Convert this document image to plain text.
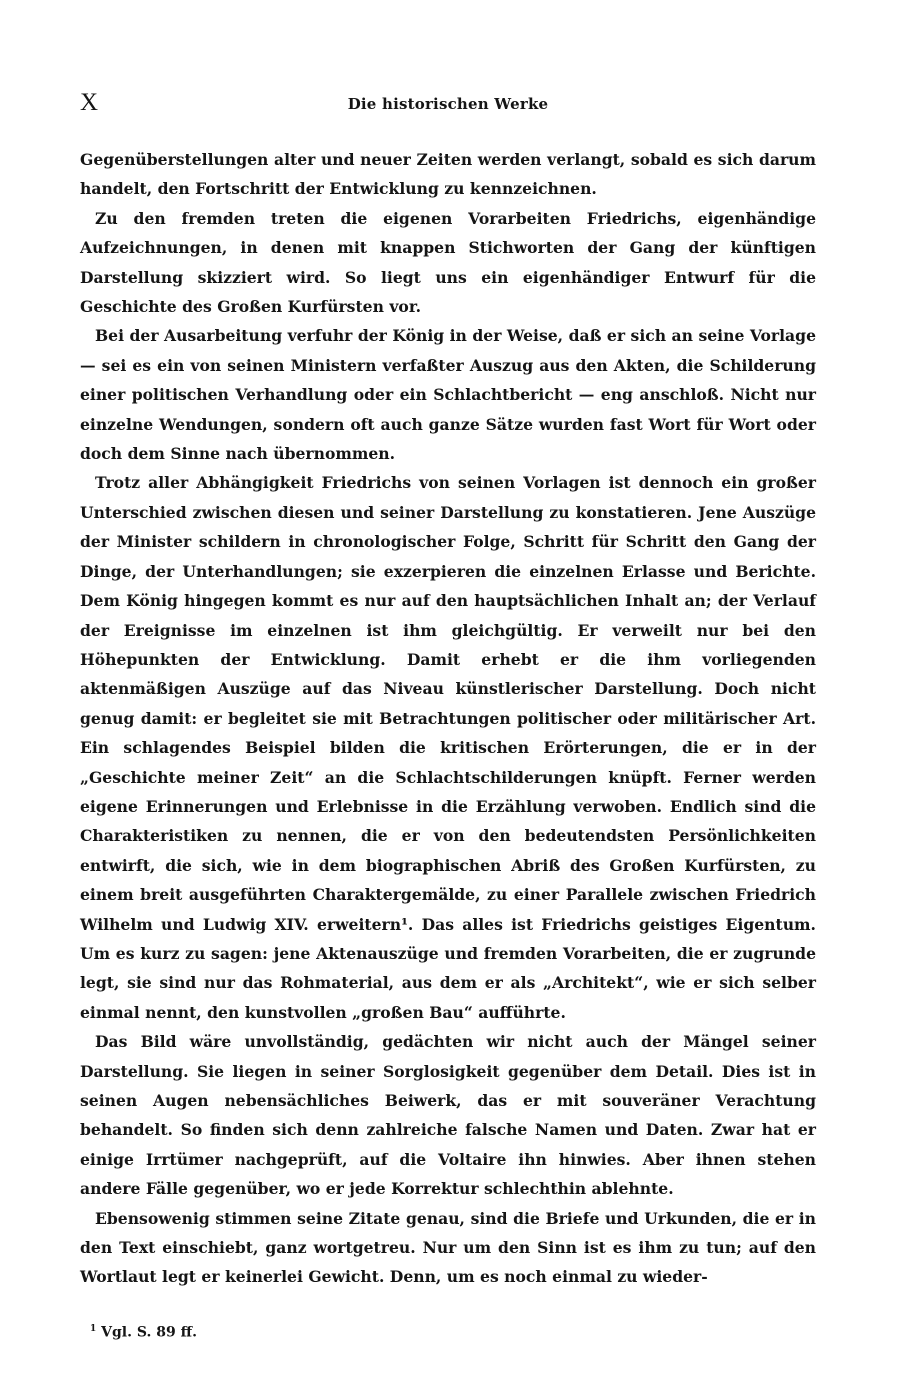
X	Die historischen Werke

Gegenüberstellungen alter und neuer Zeiten werden verlangt, sobald es sich darum handelt, den Fortschritt der Entwicklung zu kennzeichnen.

Zu den fremden treten die eigenen Vorarbeiten Friedrichs, eigenhändige Aufzeichnungen, in denen mit knappen Stichworten der Gang der künftigen Darstellung skizziert wird. So liegt uns ein eigenhändiger Entwurf für die Geschichte des Großen Kurfürsten vor.

Bei der Ausarbeitung verfuhr der König in der Weise, daß er sich an seine Vorlage — sei es ein von seinen Ministern verfaßter Auszug aus den Akten, die Schilderung einer politischen Verhandlung oder ein Schlachtbericht — eng anschloß. Nicht nur einzelne Wendungen, sondern oft auch ganze Sätze wurden fast Wort für Wort oder doch dem Sinne nach übernommen.

Trotz aller Abhängigkeit Friedrichs von seinen Vorlagen ist dennoch ein großer Unterschied zwischen diesen und seiner Darstellung zu konstatieren. Jene Auszüge der Minister schildern in chronologischer Folge, Schritt für Schritt den Gang der Dinge, der Unterhandlungen; sie exzerpieren die einzelnen Erlasse und Berichte. Dem König hingegen kommt es nur auf den hauptsächlichen Inhalt an; der Verlauf der Ereignisse im einzelnen ist ihm gleichgültig. Er verweilt nur bei den Höhepunkten der Entwicklung. Damit erhebt er die ihm vorliegenden aktenmäßigen Auszüge auf das Niveau künstlerischer Darstellung. Doch nicht genug damit: er begleitet sie mit Betrachtungen politischer oder militärischer Art. Ein schlagendes Beispiel bilden die kritischen Erörterungen, die er in der „Geschichte meiner Zeit“ an die Schlachtschilderungen knüpft. Ferner werden eigene Erinnerungen und Erlebnisse in die Erzählung verwoben. Endlich sind die Charakteristiken zu nennen, die er von den bedeutendsten Persönlichkeiten entwirft, die sich, wie in dem biographischen Abriß des Großen Kurfürsten, zu einem breit ausgeführten Charaktergemälde, zu einer Parallele zwischen Friedrich Wilhelm und Ludwig XIV. erweitern¹. Das alles ist Friedrichs geistiges Eigentum. Um es kurz zu sagen: jene Aktenauszüge und fremden Vorarbeiten, die er zugrunde legt, sie sind nur das Rohmaterial, aus dem er als „Architekt“, wie er sich selber einmal nennt, den kunstvollen „großen Bau“ aufführte.

Das Bild wäre unvollständig, gedächten wir nicht auch der Mängel seiner Darstellung. Sie liegen in seiner Sorglosigkeit gegenüber dem Detail. Dies ist in seinen Augen nebensächliches Beiwerk, das er mit souveräner Verachtung behandelt. So finden sich denn zahlreiche falsche Namen und Daten. Zwar hat er einige Irrtümer nachgeprüft, auf die Voltaire ihn hinwies. Aber ihnen stehen andere Fälle gegenüber, wo er jede Korrektur schlechthin ablehnte.

Ebensowenig stimmen seine Zitate genau, sind die Briefe und Urkunden, die er in den Text einschiebt, ganz wortgetreu. Nur um den Sinn ist es ihm zu tun; auf den Wortlaut legt er keinerlei Gewicht. Denn, um es noch einmal zu wieder-

$^1$ Vgl. S. 89 ff.
